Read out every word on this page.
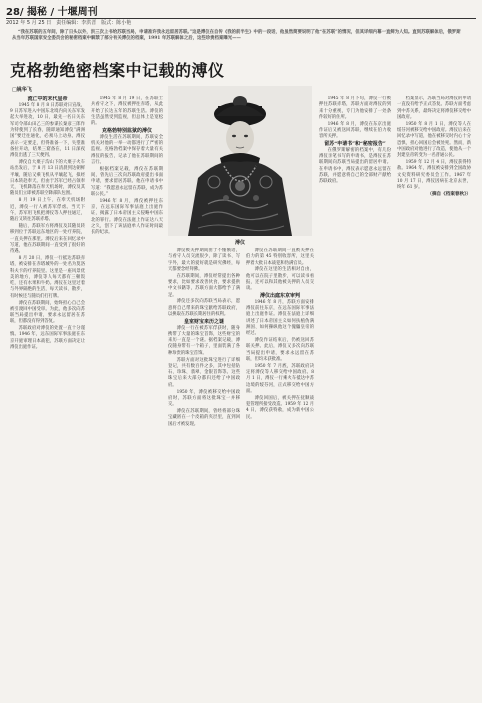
28/ 揭秘 / 十堰周刊
2012 年 5 月 25 日　责任编辑：李洪晋　版式：陈小艳
“我在苏联的五年间，除了日头以外，洪三次上书给苏联当局，申请准许我永远留居苏联。”这是溥仪在自传《我的前半生》中的一段话，他虽然简要说明了他“在苏联”的情况，但其详细内幕一直鲜为人知。直到苏联解体后，俄罗斯从当年苏联国家安全委员会的秘密档案中解禁了部分有关溥仪的档案，1991 年苏联解体之后，这些珍贵档案曝光——
克格勃绝密档案中记载的溥仪
□姚华飞

流亡中的末代皇帝

1945 年 8 月 8 日苏联对日宣战，9 日苏军进入中国东北境内向关东军发起大举进攻，10 日，最先一名日关东军司令部山田乙三的参谋长秦彦三郎作为特使到了长春，随即通知溥仪“满洲国”要迁往通化，必须马上动身。溥仪表示一定要走，但得准备一下，失望准备拉开动，结果三窟备在，11 日深夜溥仪出逃了三天便到。

溥仪自大栗子沟山下的大栗子火车站出发后，于 8 月 13 日清晨到达朝鲜平壤，随后又乘飞机从平壤起飞，拟经日本转赴奉天。但由于苏军已经占领奉天，飞机降落在奉天机场时，溥仪及其随员们立即被苏联空降部队包围。

8 月 19 日上午，在奉天机场附近，溥仪一行人被苏军俘虏。当天下午，苏军用飞机把溥仪等人押往通辽，随后又转往苏联赤塔。

随后，苏联军方将溥仪及其随员转移到位于苏联远东地区的一处疗养院，一直关押在那里。溥仪后来在回忆录中写道，他在苏联期间一直受到了很好的待遇。

8 月 20 日，溥仪一行抵达苏联赤塔，被安排在赤塔城外的一处名为莫洛科夫卡的疗养院里。这里是一座风景优美的地方，溥仪等人每天都有三顿饭吃，还有水果和牛奶。溥仪在这里过着与外界隔绝的生活，每天读书、散步，有时候还与随员们打打牌。

溥仪在苏联期间，始终担心自己会被引渡回中国受审。为此，他多次向苏联当局提出申请，要求永远留居在苏联，但都没有得到答复。

苏联政府对溥仪的处置一直十分谨慎。1946 年，远东国际军事法庭在东京开庭审理日本战犯，苏联方面决定让溥仪出庭作证。

1945 年 8 月 19 日，在苏联士兵看守之下，溥仪被押往赤塔，从此开始了长达五年的苏联生活。溥仪的生活虽然受到监视，但总体上是宽松的。

克格勃特别监狱的溥仪

溥仪生活在苏联期间，苏联安全机关对他的一举一动都进行了严密的监视。克格勃档案中保存着大量有关溥仪的报告，记录了他在苏联期间的言行。

根据档案记载，溥仪在苏联期间，曾先后三次向苏联政府提出书面申请，要求留居苏联。他在申请书中写道：“我愿意永远留在苏联，成为苏联公民。”

1946 年 8 月，溥仪被押往东京，在远东国际军事法庭上出庭作证，揭露了日本帝国主义侵略中国东北的罪行。溥仪在法庭上作证达八天之久，创下了该法庭单人作证时间最长的纪录。

溥仪

溥仪被关押期间由于不懂俄语，与看守人员交流很少，除了读书、写字外，最大的爱好就是研究佛经，每天都要念经拜佛。

在苏联期间，溥仪经常提出各种要求，比如要求改善伙食，要求提供中文书籍等，苏联方面大都给予了满足。

溥仪还多次向苏联当局表示，愿意将自己带来的珠宝献给苏联政府，以换取在苏联长期居住的权利。

皇室财宝来历之谜

溥仪一行在被苏军俘获时，随身携带了大量的珠宝首饰，这些财宝的来历一直是一个谜。据档案记载，溥仪随身带有一个箱子，里面装满了各种珍贵的珠宝首饰。

苏联方面对这批珠宝进行了详细登记，共有数百件之多，其中包括钻石、珍珠、翡翠、金银首饰等。这些珠宝后来大部分都归还给了中国政府。

1950 年，溥仪被移交给中国政府时，苏联方面将这批珠宝一并移交。

溥仪在苏联期间，曾经将部分珠宝藏匿在一个皮箱的夹层里，直到回国后才被发现。

溥仪在苏联期间一直被关押在伯力的第 45 特别收容所，这里关押着大批日本战犯和伪满官员。

溥仪在这里的生活相对自由，他可以在院子里散步，可以读书看报，还可以和其他被关押的人员交谈。

溥仪出庭东京审判

1946 年 8 月，苏联方面安排溥仪前往东京，在远东国际军事法庭上出庭作证。溥仪在法庭上详细讲述了日本帝国主义如何扶植伪满洲国、如何操纵他这个傀儡皇帝的经过。

溥仪作证结束后，仍被送回苏联关押。此后，溥仪又多次向苏联当局提出申请，要求永远留在苏联，但均未获批准。

1950 年 7 月底，苏联政府决定将溥仪等人移交给中国政府。8 月 1 日，溥仪一行乘火车抵达中苏边境的绥芬河，正式移交给中国方面。

溥仪回国后，被关押在抚顺战犯管理所接受改造。1959 年 12 月 4 日，溥仪获特赦，成为新中国公民。

1945 年 8 月下旬，溥仪一行被押往苏联赤塔，苏联方面对溥仪的到来十分重视，专门为他安排了一处条件较好的住所。

1946 年 8 月，溥仪在东京出庭作证后又被送回苏联，继续在伯力收容所关押。

留苏“申请书”和“秘密报告”

在俄罗斯解密的档案中，有几份溥仪亲笔书写的申请书，是溥仪在苏联期间向苏联当局提出的留居申请。在申请书中，溥仪表示愿意永远留在苏联，并愿意将自己的全部财产献给苏联政府。

档案显示，苏联当局对溥仪的申请一直没有给予正式答复。苏联方面考虑到中苏关系，最终决定将溥仪移交给中国政府。

1950 年 8 月 1 日，溥仪等人在绥芬河被移交给中国政府。溥仪后来在回忆录中写道，他在被移交时内心十分恐惧，担心回国后会被处死。然而，新中国政府对他进行了改造，使他从一个封建皇帝转变为一名普通公民。

1959 年 12 月 4 日，溥仪获得特赦。1964 年，溥仪被安排到全国政协文史资料研究委员会工作。1967 年 10 月 17 日，溥仪因病在北京去世，终年 61 岁。

（摘自《档案春秋》）
